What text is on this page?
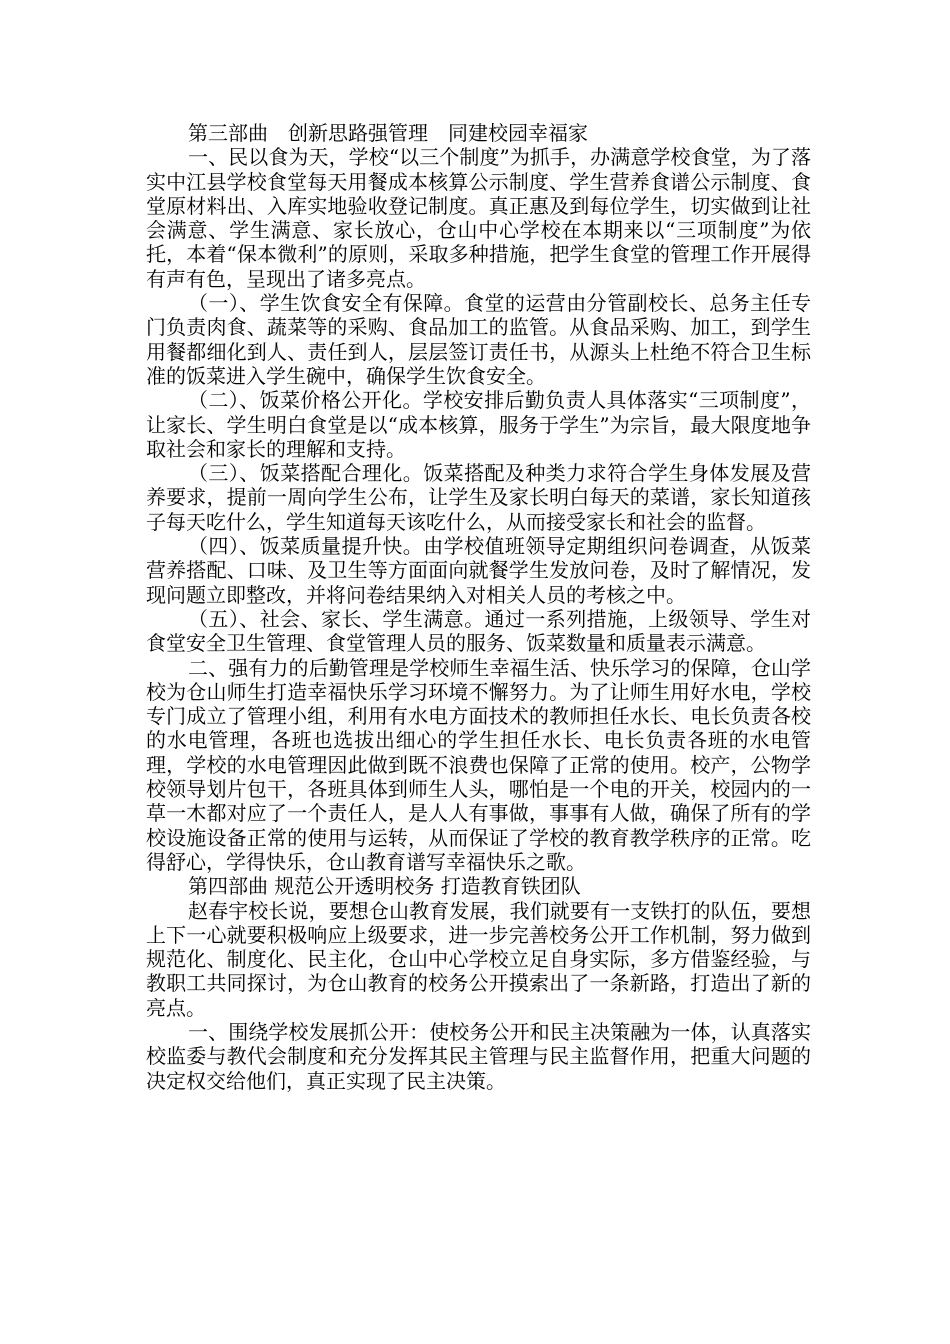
第三部曲　创新思路强管理　同建校园幸福家

一、民以食为天，学校“以三个制度”为抓手，办满意学校食堂，为了落实中江县学校食堂每天用餐成本核算公示制度、学生营养食谱公示制度、食堂原材料出、入库实地验收登记制度。真正惠及到每位学生，切实做到让社会满意、学生满意、家长放心，仓山中心学校在本期来以“三项制度”为依托，本着“保本微利”的原则，采取多种措施，把学生食堂的管理工作开展得有声有色，呈现出了诸多亮点。

（一）、学生饮食安全有保障。食堂的运营由分管副校长、总务主任专门负责肉食、蔬菜等的采购、食品加工的监管。从食品采购、加工，到学生用餐都细化到人、责任到人，层层签订责任书，从源头上杜绝不符合卫生标准的饭菜进入学生碗中，确保学生饮食安全。

（二）、饭菜价格公开化。学校安排后勤负责人具体落实“三项制度”，让家长、学生明白食堂是以“成本核算，服务于学生”为宗旨，最大限度地争取社会和家长的理解和支持。

（三）、饭菜搭配合理化。饭菜搭配及种类力求符合学生身体发展及营养要求，提前一周向学生公布，让学生及家长明白每天的菜谱，家长知道孩子每天吃什么，学生知道每天该吃什么，从而接受家长和社会的监督。

（四）、饭菜质量提升快。由学校值班领导定期组织问卷调查，从饭菜营养搭配、口味、及卫生等方面面向就餐学生发放问卷，及时了解情况，发现问题立即整改，并将问卷结果纳入对相关人员的考核之中。

（五）、社会、家长、学生满意。通过一系列措施，上级领导、学生对食堂安全卫生管理、食堂管理人员的服务、饭菜数量和质量表示满意。

二、强有力的后勤管理是学校师生幸福生活、快乐学习的保障，仓山学校为仓山师生打造幸福快乐学习环境不懈努力。为了让师生用好水电，学校专门成立了管理小组，利用有水电方面技术的教师担任水长、电长负责各校的水电管理，各班也选拔出细心的学生担任水长、电长负责各班的水电管理，学校的水电管理因此做到既不浪费也保障了正常的使用。校产，公物学校领导划片包干，各班具体到师生人头，哪怕是一个电的开关，校园内的一草一木都对应了一个责任人，是人人有事做，事事有人做，确保了所有的学校设施设备正常的使用与运转，从而保证了学校的教育教学秩序的正常。吃得舒心，学得快乐，仓山教育谱写幸福快乐之歌。

第四部曲 规范公开透明校务 打造教育铁团队

赵春宇校长说，要想仓山教育发展，我们就要有一支铁打的队伍，要想上下一心就要积极响应上级要求，进一步完善校务公开工作机制，努力做到规范化、制度化、民主化，仓山中心学校立足自身实际，多方借鉴经验，与教职工共同探讨，为仓山教育的校务公开摸索出了一条新路，打造出了新的亮点。

一、围绕学校发展抓公开：使校务公开和民主决策融为一体，认真落实校监委与教代会制度和充分发挥其民主管理与民主监督作用，把重大问题的决定权交给他们，真正实现了民主决策。
